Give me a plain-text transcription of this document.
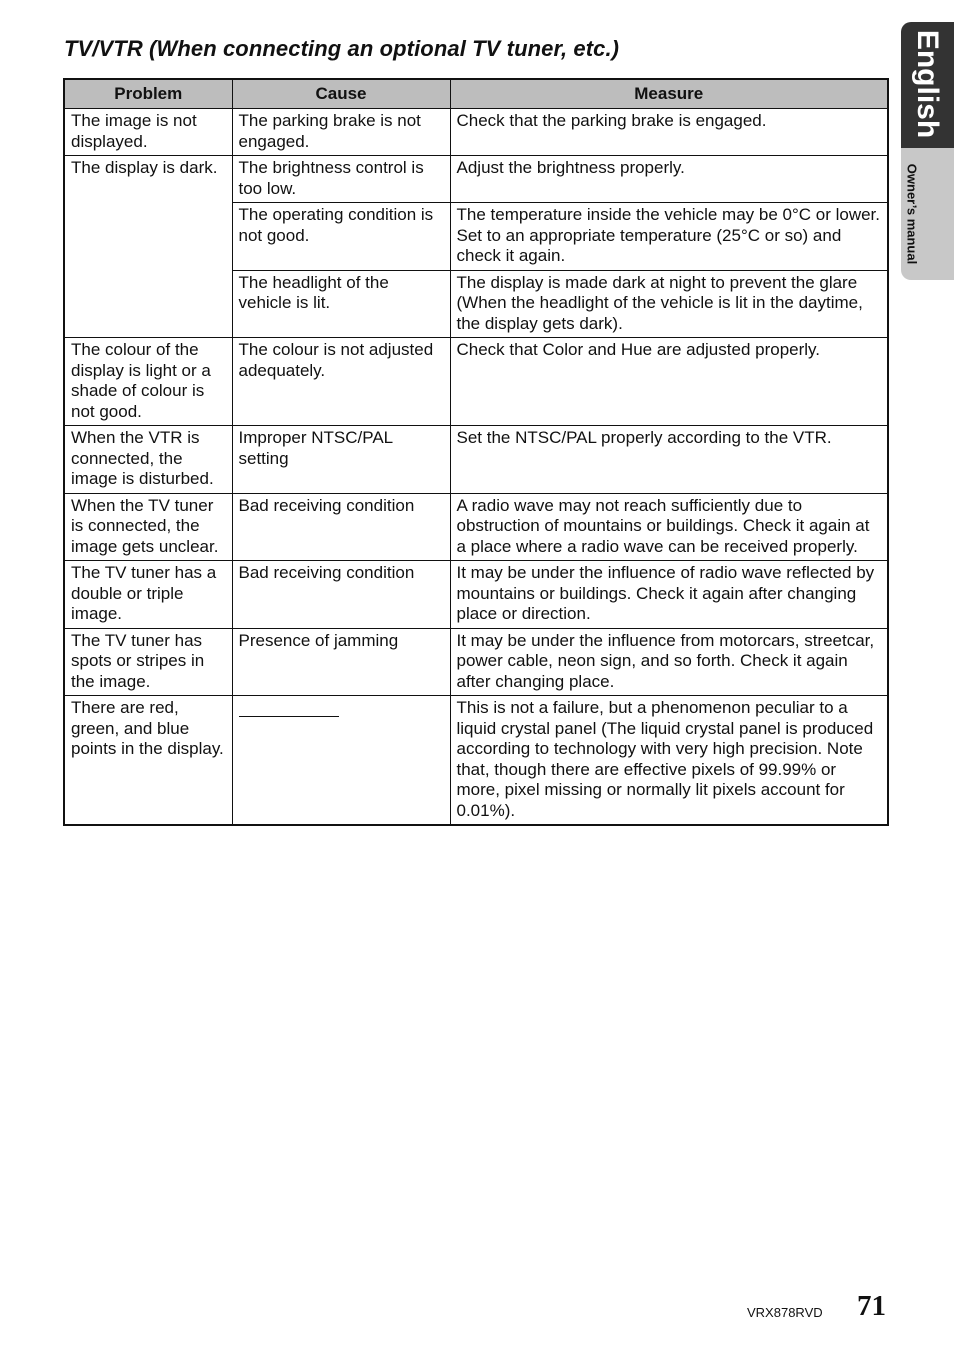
TV/VTR (When connecting an optional TV tuner, etc.)	English
Owner’s manual
Problem	Cause	Measure
The image is not displayed.	The parking brake is not engaged.	Check that the parking brake is engaged.
The display is dark.	The brightness control is too low.	Adjust the brightness properly.
	The operating condition is not good.	The temperature inside the vehicle may be 0°C or lower. Set to an appropriate temperature (25°C or so) and check it again.
	The headlight of the vehicle is lit.	The display is made dark at night to prevent the glare (When the headlight of the vehicle is lit in the daytime, the display gets dark).
The colour of the display is light or a shade of colour is not good.	The colour is not adjusted adequately.	Check that Color and Hue are adjusted properly.
When the VTR is connected, the image is disturbed.	Improper NTSC/PAL setting	Set the NTSC/PAL properly according to the VTR.
When the TV tuner is connected, the image gets unclear.	Bad receiving condition	A radio wave may not reach sufficiently due to obstruction of mountains or buildings. Check it again at a place where a radio wave can be received properly.
The TV tuner has a double or triple image.	Bad receiving condition	It may be under the influence of radio wave reflected by mountains or buildings. Check it again after changing place or direction.
The TV tuner has spots or stripes in the image.	Presence of jamming	It may be under the influence from motorcars, streetcar, power cable, neon sign, and so forth. Check it again after changing place.
There are red, green, and blue points in the display.		This is not a failure, but a phenomenon peculiar to a liquid crystal panel (The liquid crystal panel is produced according to technology with very high precision. Note that, though there are effective pixels of 99.99% or more, pixel missing or normally lit pixels account for 0.01%).
VRX878RVD 71
